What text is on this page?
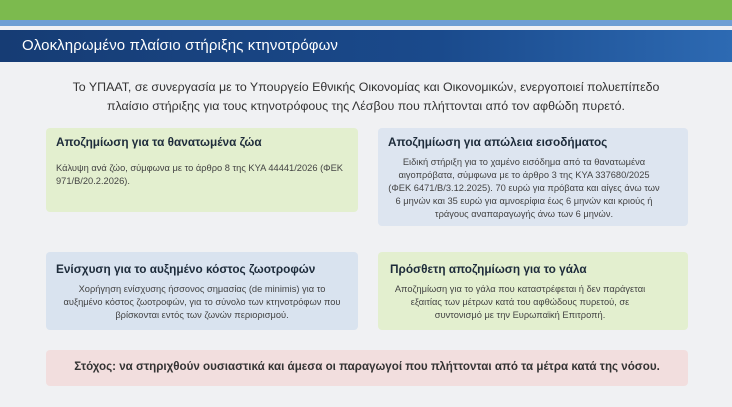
Ολοκληρωμένο πλαίσιο στήριξης κτηνοτρόφων
Το ΥΠΑΑΤ, σε συνεργασία με το Υπουργείο Εθνικής Οικονομίας και Οικονομικών, ενεργοποιεί πολυεπίπεδο πλαίσιο στήριξης για τους κτηνοτρόφους της Λέσβου που πλήττονται από τον αφθώδη πυρετό.
Αποζημίωση για τα θανατωμένα ζώα
Κάλυψη ανά ζώο, σύμφωνα με το άρθρο 8 της ΚΥΑ 44441/2026 (ΦΕΚ 971/Β/20.2.2026).
Αποζημίωση για απώλεια εισοδήματος
Ειδική στήριξη για το χαμένο εισόδημα από τα θανατωμένα αιγοπρόβατα, σύμφωνα με το άρθρο 3 της ΚΥΑ 337680/2025 (ΦΕΚ 6471/Β/3.12.2025). 70 ευρώ για πρόβατα και αίγες άνω των 6 μηνών και 35 ευρώ για αμνοερίφια έως 6 μηνών και κριούς ή τράγους αναπαραγωγής άνω των 6 μηνών.
Ενίσχυση για το αυξημένο κόστος ζωοτροφών
Χορήγηση ενίσχυσης ήσσονος σημασίας (de minimis) για το αυξημένο κόστος ζωοτροφών, για το σύνολο των κτηνοτρόφων που βρίσκονται εντός των ζωνών περιορισμού.
Πρόσθετη αποζημίωση για το γάλα
Αποζημίωση για το γάλα που καταστρέφεται ή δεν παράγεται εξαιτίας των μέτρων κατά του αφθώδους πυρετού, σε συντονισμό με την Ευρωπαϊκή Επιτροπή.
Στόχος: να στηριχθούν ουσιαστικά και άμεσα οι παραγωγοί που πλήττονται από τα μέτρα κατά της νόσου.
